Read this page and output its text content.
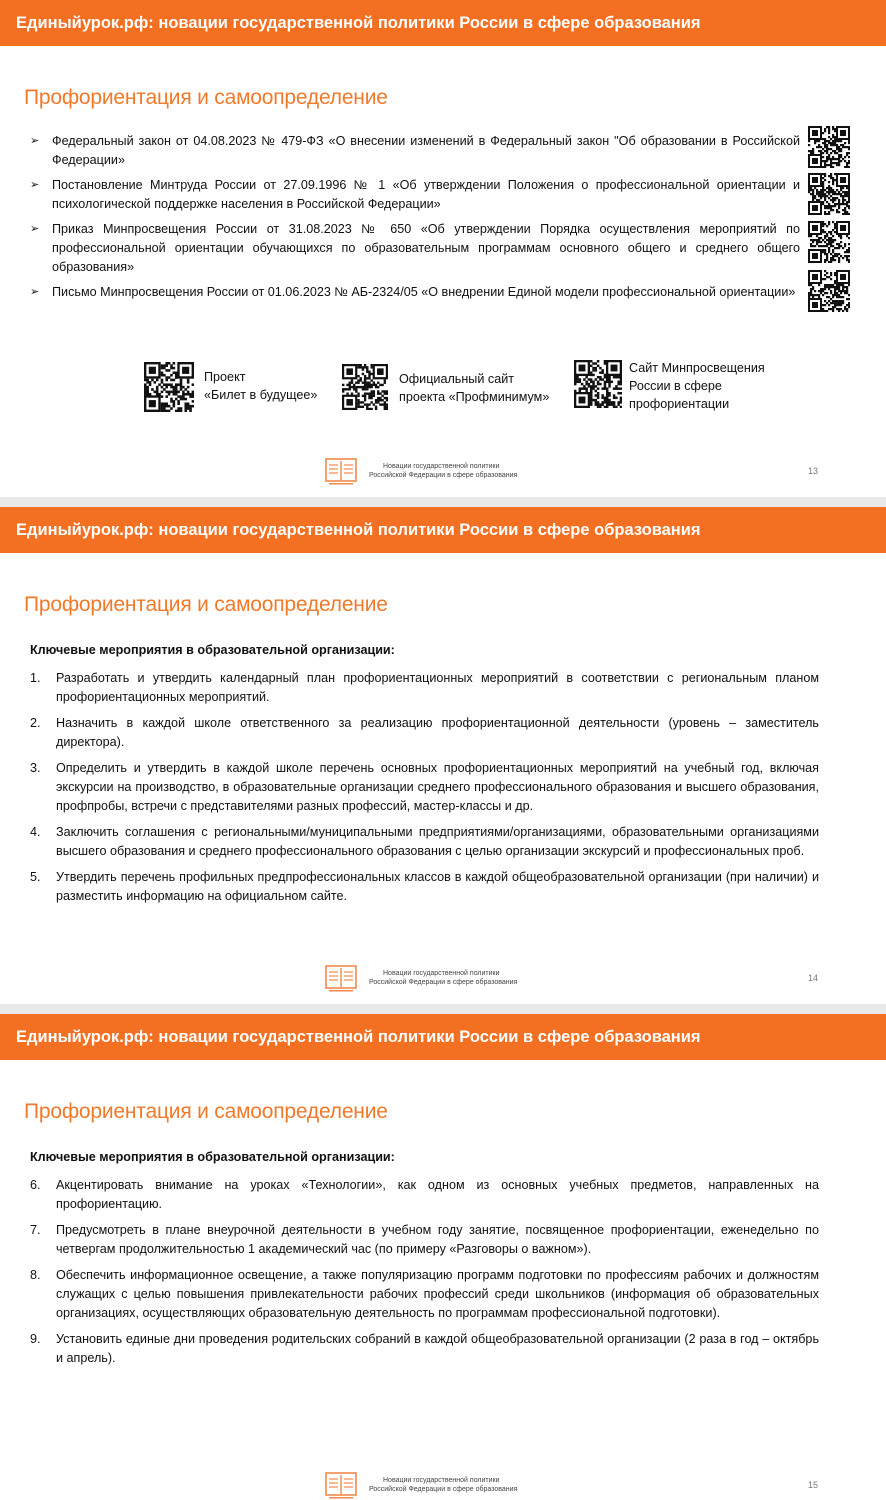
Единыйурок.рф: новации государственной политики России в сфере образования
Профориентация и самоопределение
➢ Федеральный закон от 04.08.2023 № 479-ФЗ «О внесении изменений в Федеральный закон "Об образовании в Российской Федерации»
➢ Постановление Минтруда России от 27.09.1996 № 1 «Об утверждении Положения о профессиональной ориентации и психологической поддержке населения в Российской Федерации»
➢ Приказ Минпросвещения России от 31.08.2023 № 650 «Об утверждении Порядка осуществления мероприятий по профессиональной ориентации обучающихся по образовательным программам основного общего и среднего общего образования»
➢ Письмо Минпросвещения России от 01.06.2023 № АБ-2324/05 «О внедрении Единой модели профессиональной ориентации»
Проект
«Билет в будущее»
Официальный сайт
проекта «Профминимум»
Сайт Минпросвещения
России в сфере
профориентации
Новации государственной политики
Российской Федерации в сфере образования	13
Единыйурок.рф: новации государственной политики России в сфере образования
Профориентация и самоопределение
Ключевые мероприятия в образовательной организации:
1. Разработать и утвердить календарный план профориентационных мероприятий в соответствии с региональным планом профориентационных мероприятий.
2. Назначить в каждой школе ответственного за реализацию профориентационной деятельности (уровень – заместитель директора).
3. Определить и утвердить в каждой школе перечень основных профориентационных мероприятий на учебный год, включая экскурсии на производство, в образовательные организации среднего профессионального образования и высшего образования, профпробы, встречи с представителями разных профессий, мастер-классы и др.
4. Заключить соглашения с региональными/муниципальными предприятиями/организациями, образовательными организациями высшего образования и среднего профессионального образования с целью организации экскурсий и профессиональных проб.
5. Утвердить перечень профильных предпрофессиональных классов в каждой общеобразовательной организации (при наличии) и разместить информацию на официальном сайте.
Новации государственной политики
Российской Федерации в сфере образования	14
Единыйурок.рф: новации государственной политики России в сфере образования
Профориентация и самоопределение
Ключевые мероприятия в образовательной организации:
6. Акцентировать внимание на уроках «Технологии», как одном из основных учебных предметов, направленных на профориентацию.
7. Предусмотреть в плане внеурочной деятельности в учебном году занятие, посвященное профориентации, еженедельно по четвергам продолжительностью 1 академический час (по примеру «Разговоры о важном»).
8. Обеспечить информационное освещение, а также популяризацию программ подготовки по профессиям рабочих и должностям служащих с целью повышения привлекательности рабочих профессий среди школьников (информация об образовательных организациях, осуществляющих образовательную деятельность по программам профессиональной подготовки).
9. Установить единые дни проведения родительских собраний в каждой общеобразовательной организации (2 раза в год – октябрь и апрель).
Новации государственной политики
Российской Федерации в сфере образования	15
